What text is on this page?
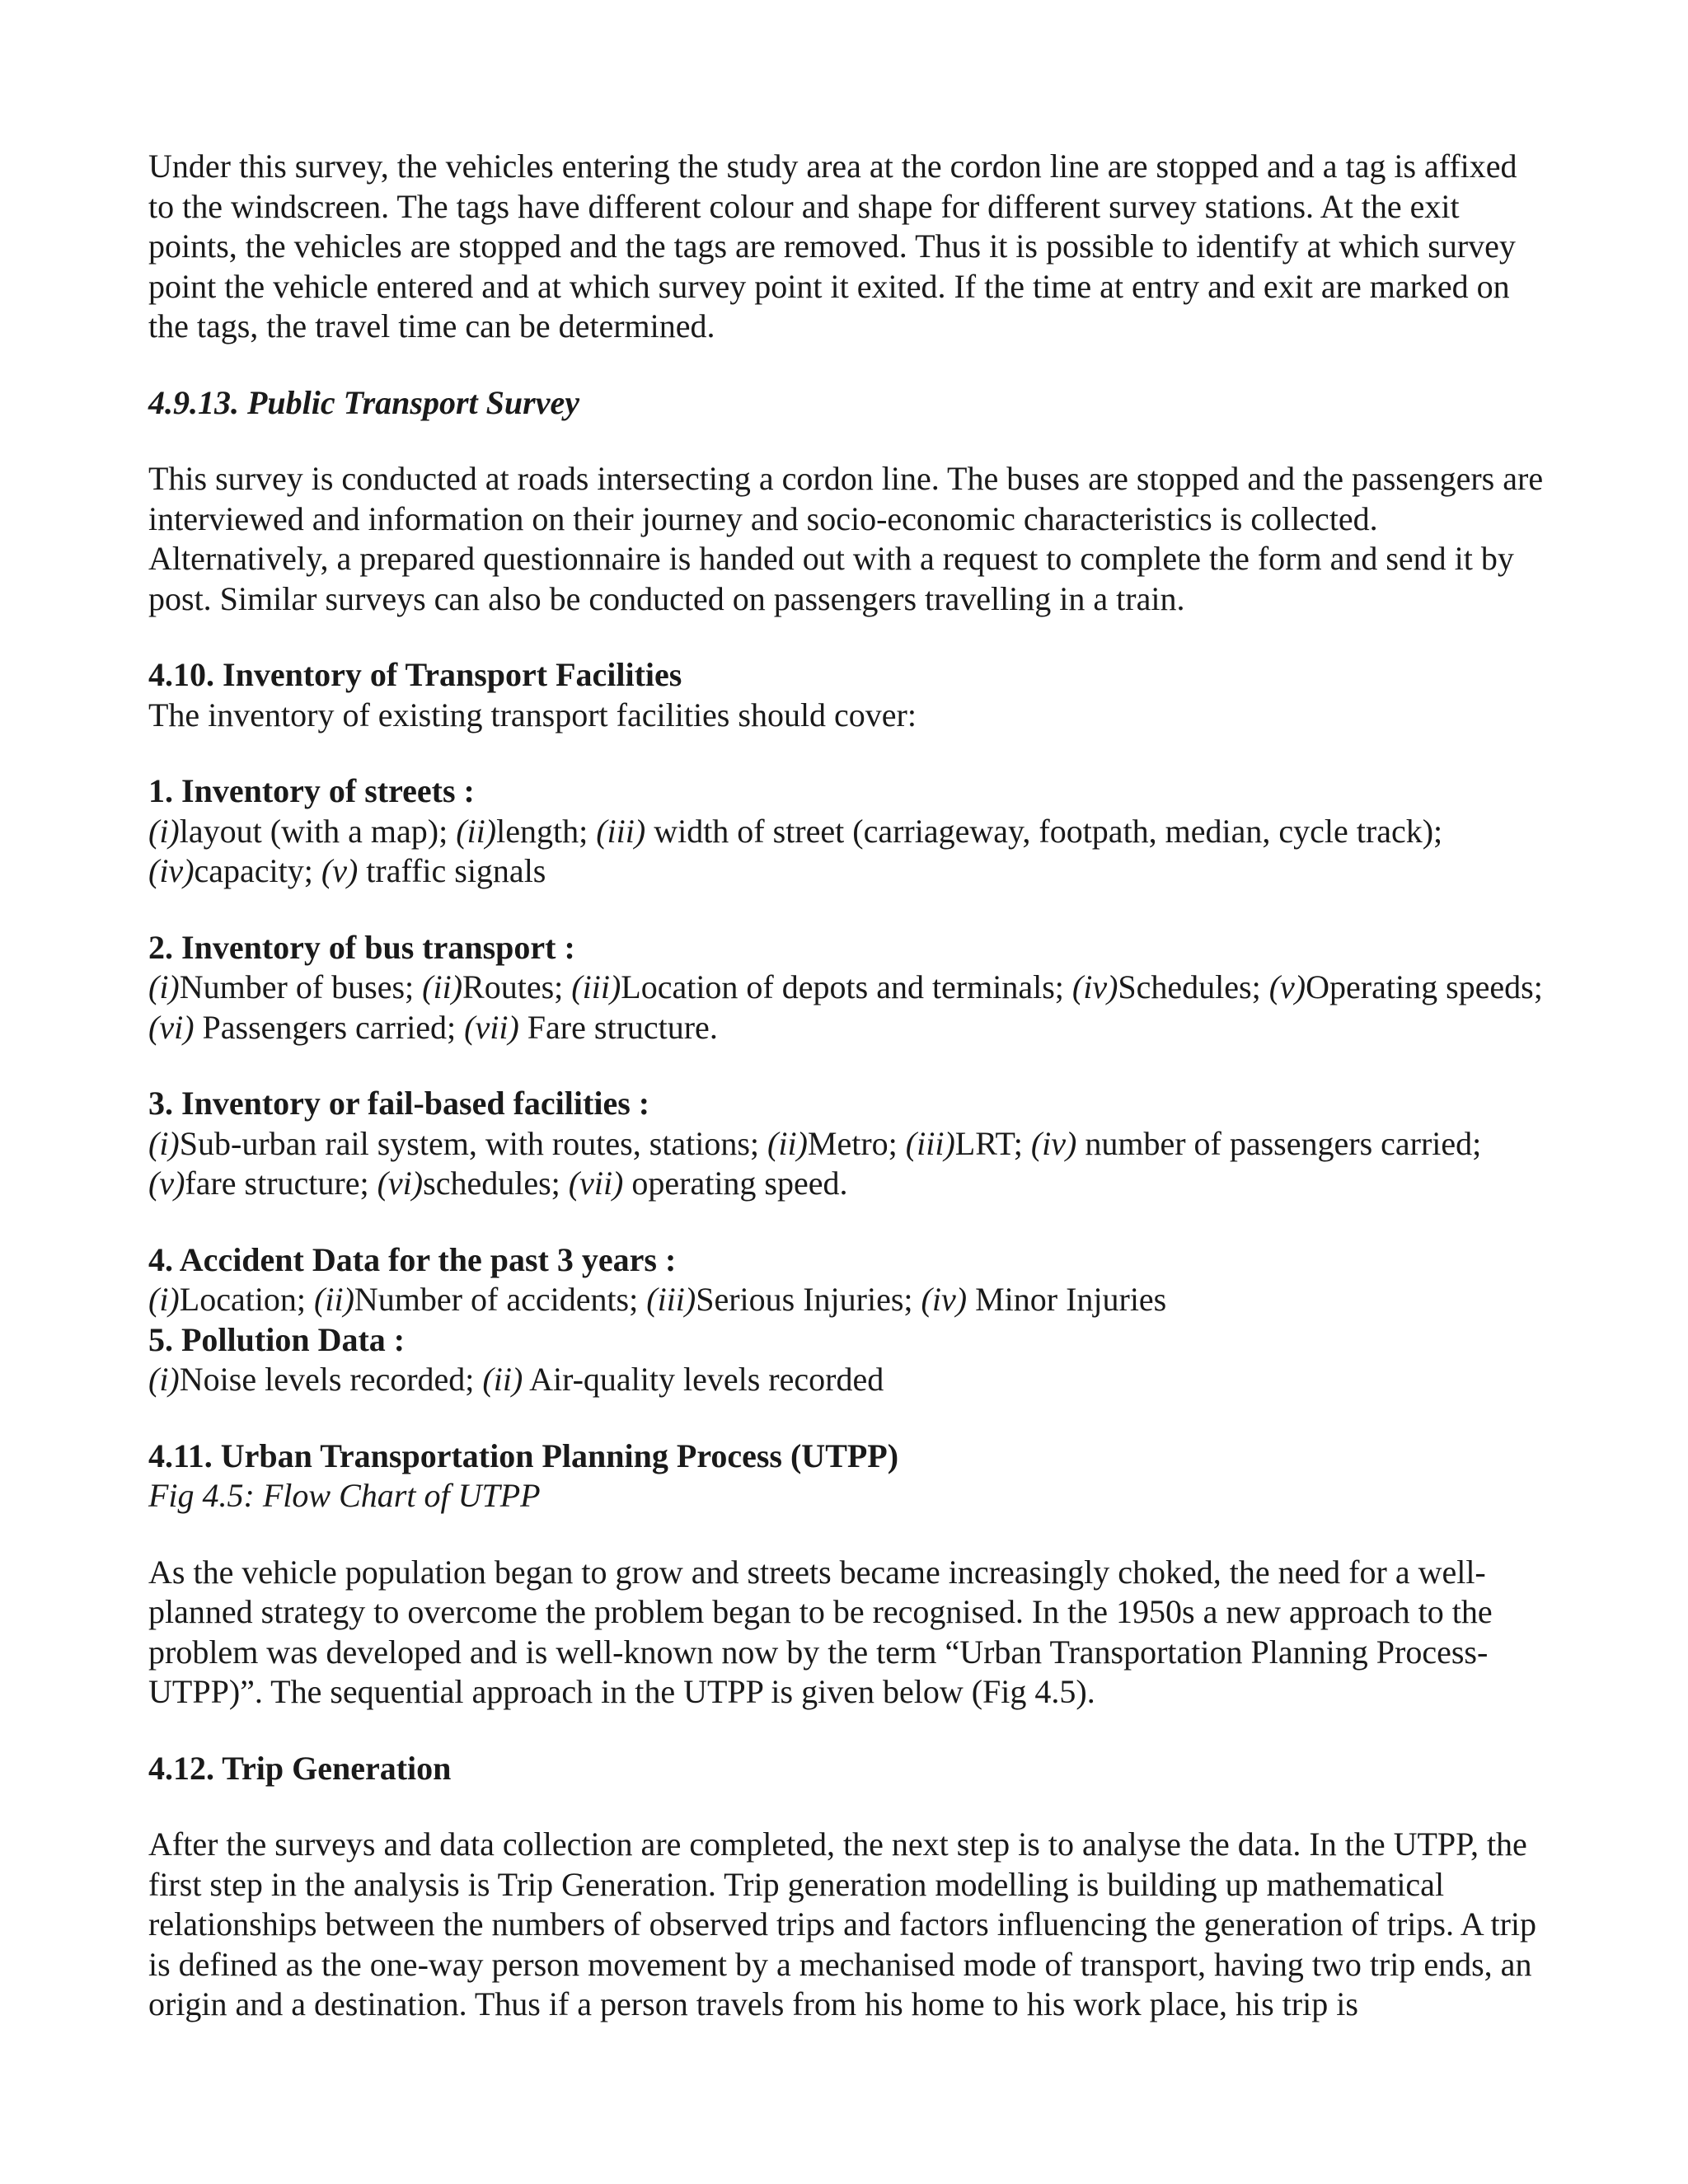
Under this survey, the vehicles entering the study area at the cordon line are stopped and a tag is affixed to the windscreen. The tags have different colour and shape for different survey stations. At the exit points, the vehicles are stopped and the tags are removed. Thus it is possible to identify at which survey point the vehicle entered and at which survey point it exited. If the time at entry and exit are marked on the tags, the travel time can be determined.

4.9.13. Public Transport Survey

This survey is conducted at roads intersecting a cordon line. The buses are stopped and the passengers are interviewed and information on their journey and socio-economic characteristics is collected. Alternatively, a prepared questionnaire is handed out with a request to complete the form and send it by post. Similar surveys can also be conducted on passengers travelling in a train.

4.10. Inventory of Transport Facilities

The inventory of existing transport facilities should cover:

1. Inventory of streets :

(i)layout (with a map); (ii)length; (iii) width of street (carriageway, footpath, median, cycle track); (iv)capacity; (v) traffic signals

2. Inventory of bus transport :

(i)Number of buses; (ii)Routes; (iii)Location of depots and terminals; (iv)Schedules; (v)Operating speeds; (vi) Passengers carried; (vii) Fare structure.

3. Inventory or fail-based facilities :

(i)Sub-urban rail system, with routes, stations; (ii)Metro; (iii)LRT; (iv) number of passengers carried; (v)fare structure; (vi)schedules; (vii) operating speed.

4. Accident Data for the past 3 years :

(i)Location; (ii)Number of accidents; (iii)Serious Injuries; (iv) Minor Injuries

5. Pollution Data :

(i)Noise levels recorded; (ii) Air-quality levels recorded

4.11. Urban Transportation Planning Process (UTPP)

Fig 4.5: Flow Chart of UTPP

As the vehicle population began to grow and streets became increasingly choked, the need for a well-planned strategy to overcome the problem began to be recognised. In the 1950s a new approach to the problem was developed and is well-known now by the term “Urban Transportation Planning Process-UTPP)”. The sequential approach in the UTPP is given below (Fig 4.5).

4.12. Trip Generation

After the surveys and data collection are completed, the next step is to analyse the data. In the UTPP, the first step in the analysis is Trip Generation. Trip generation modelling is building up mathematical relationships between the numbers of observed trips and factors influencing the generation of trips. A trip is defined as the one-way person movement by a mechanised mode of transport, having two trip ends, an origin and a destination. Thus if a person travels from his home to his work place, his trip is
